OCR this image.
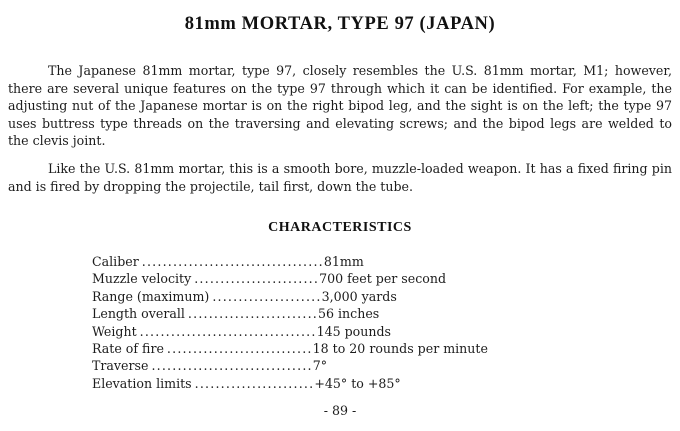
81mm MORTAR, TYPE 97 (JAPAN)

The Japanese 81mm mortar, type 97, closely resembles the U.S. 81mm mortar, M1; however, there are several unique features on the type 97 through which it can be identified. For example, the adjusting nut of the Japanese mortar is on the right bipod leg, and the sight is on the left; the type 97 uses buttress type threads on the traversing and elevating screws; and the bipod legs are welded to the clevis joint.

Like the U.S. 81mm mortar, this is a smooth bore, muzzle-loaded weapon. It has a fixed firing pin and is fired by dropping the projectile, tail first, down the tube.

CHARACTERISTICS
Caliber ................................... 81mm
Muzzle velocity ........................ 700 feet per second
Range (maximum) ..................... 3,000 yards
Length overall ......................... 56 inches
Weight .................................. 145 pounds
Rate of fire ............................ 18 to 20 rounds per minute
Traverse ............................... 7°
Elevation limits ....................... +45° to +85°
- 89 -
